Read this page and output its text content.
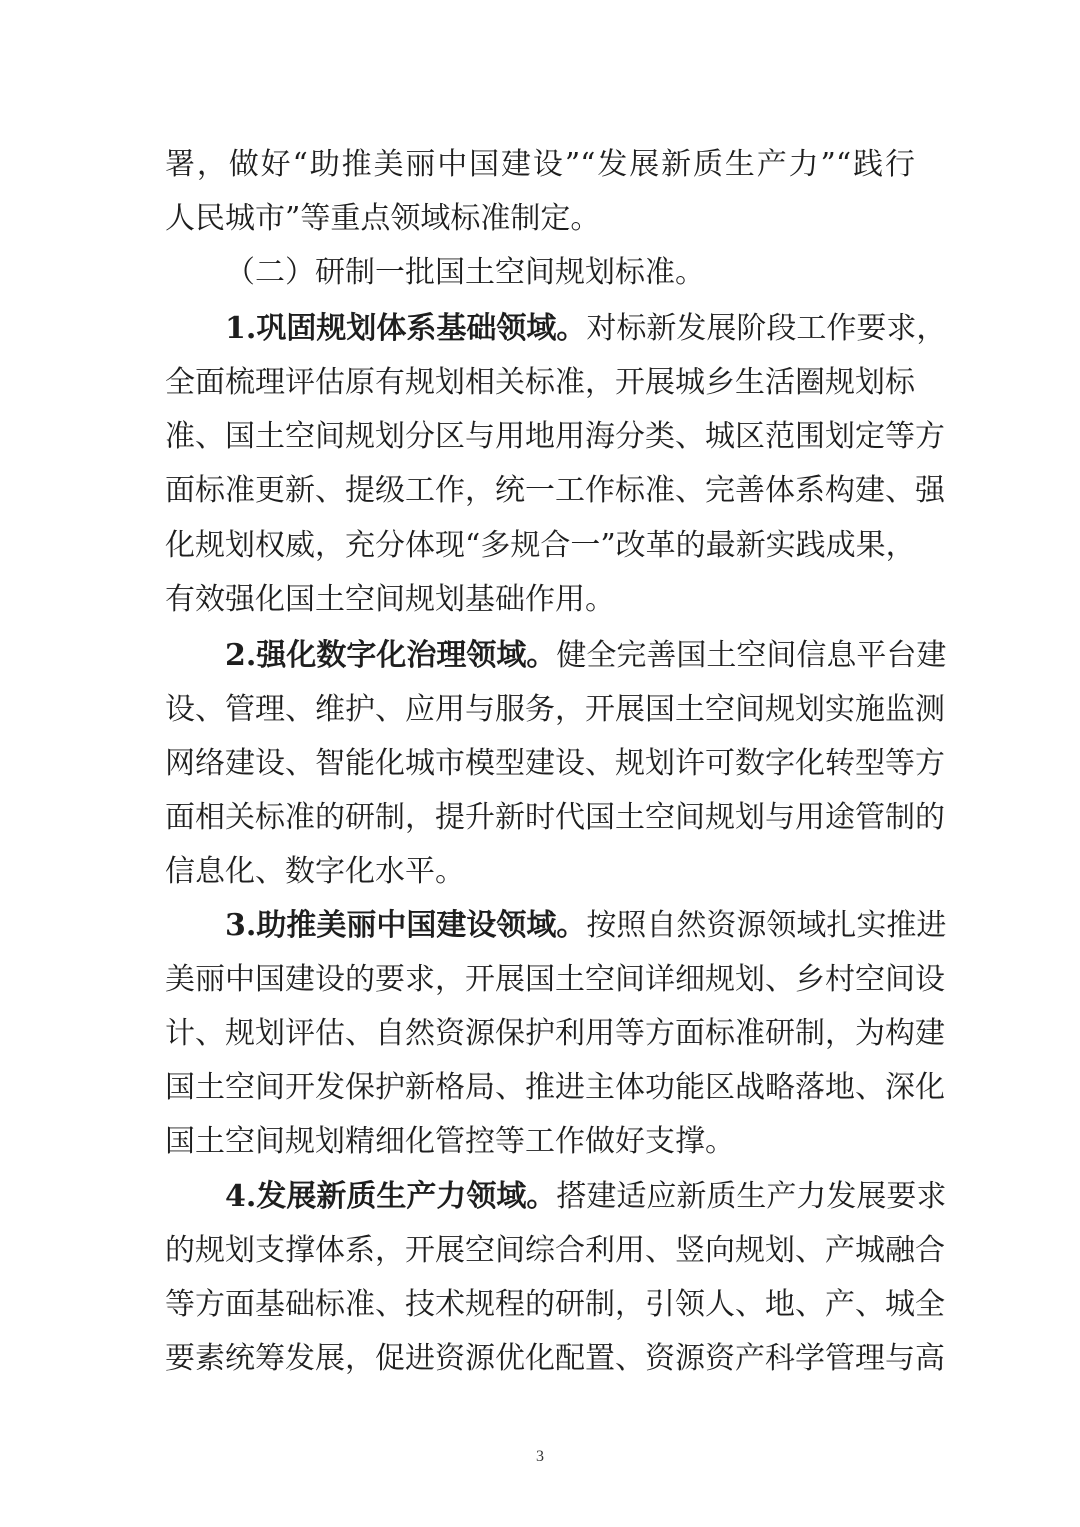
署，做好“助推美丽中国建设”“发展新质生产力”“践行
人民城市”等重点领域标准制定。
（二）研制一批国土空间规划标准。
1.巩固规划体系基础领域。对标新发展阶段工作要求，
全面梳理评估原有规划相关标准，开展城乡生活圈规划标
准、国土空间规划分区与用地用海分类、城区范围划定等方
面标准更新、提级工作，统一工作标准、完善体系构建、强
化规划权威，充分体现“多规合一”改革的最新实践成果，
有效强化国土空间规划基础作用。
2.强化数字化治理领域。健全完善国土空间信息平台建
设、管理、维护、应用与服务，开展国土空间规划实施监测
网络建设、智能化城市模型建设、规划许可数字化转型等方
面相关标准的研制，提升新时代国土空间规划与用途管制的
信息化、数字化水平。
3.助推美丽中国建设领域。按照自然资源领域扎实推进
美丽中国建设的要求，开展国土空间详细规划、乡村空间设
计、规划评估、自然资源保护利用等方面标准研制，为构建
国土空间开发保护新格局、推进主体功能区战略落地、深化
国土空间规划精细化管控等工作做好支撑。
4.发展新质生产力领域。搭建适应新质生产力发展要求
的规划支撑体系，开展空间综合利用、竖向规划、产城融合
等方面基础标准、技术规程的研制，引领人、地、产、城全
要素统筹发展，促进资源优化配置、资源资产科学管理与高
3
